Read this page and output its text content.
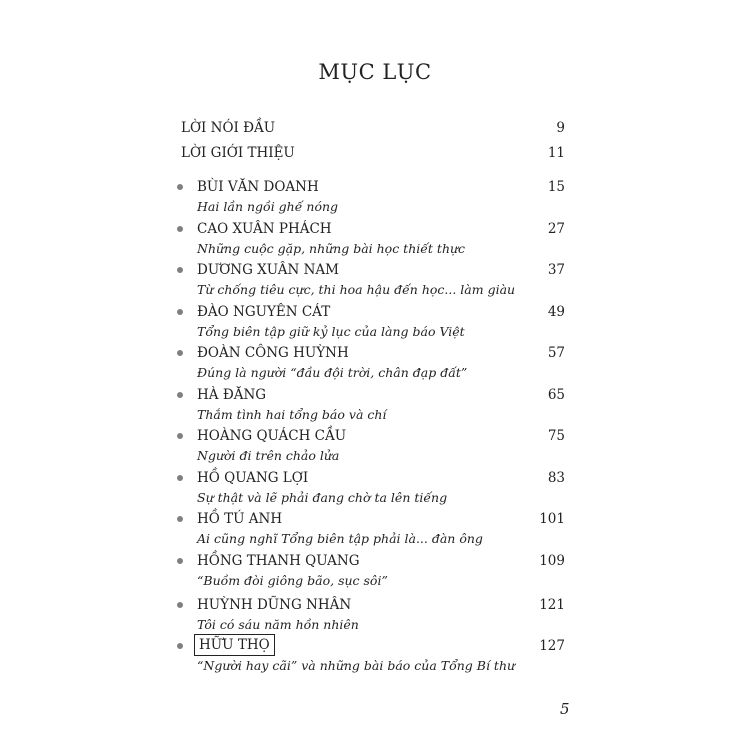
MỤC LỤC
LỜI NÓI ĐẦU	9
LỜI GIỚI THIỆU	11
BÙI VĂN DOANH
Hai lần ngồi ghế nóng
15
CAO XUÂN PHÁCH
Những cuộc gặp, những bài học thiết thực
27
DƯƠNG XUÂN NAM
Từ chống tiêu cực, thi hoa hậu đến học... làm giàu
37
ĐÀO NGUYÊN CÁT
Tổng biên tập giữ kỷ lục của làng báo Việt
49
ĐOÀN CÔNG HUỲNH
Đúng là người “đầu đội trời, chân đạp đất”
57
HÀ ĐĂNG
Thắm tình hai tổng báo và chí
65
HOÀNG QUÁCH CẦU
Người đi trên chảo lửa
75
HỒ QUANG LỢI
Sự thật và lẽ phải đang chờ ta lên tiếng
83
HỒ TÚ ANH
Ai cũng nghĩ Tổng biên tập phải là... đàn ông
101
HỒNG THANH QUANG
“Buồm đòi giông bão, sục sôi”
109
HUỲNH DŨNG NHÂN
Tôi có sáu năm hồn nhiên
121
HỮU THỌ
“Người hay cãi” và những bài báo của Tổng Bí thư
127
5
